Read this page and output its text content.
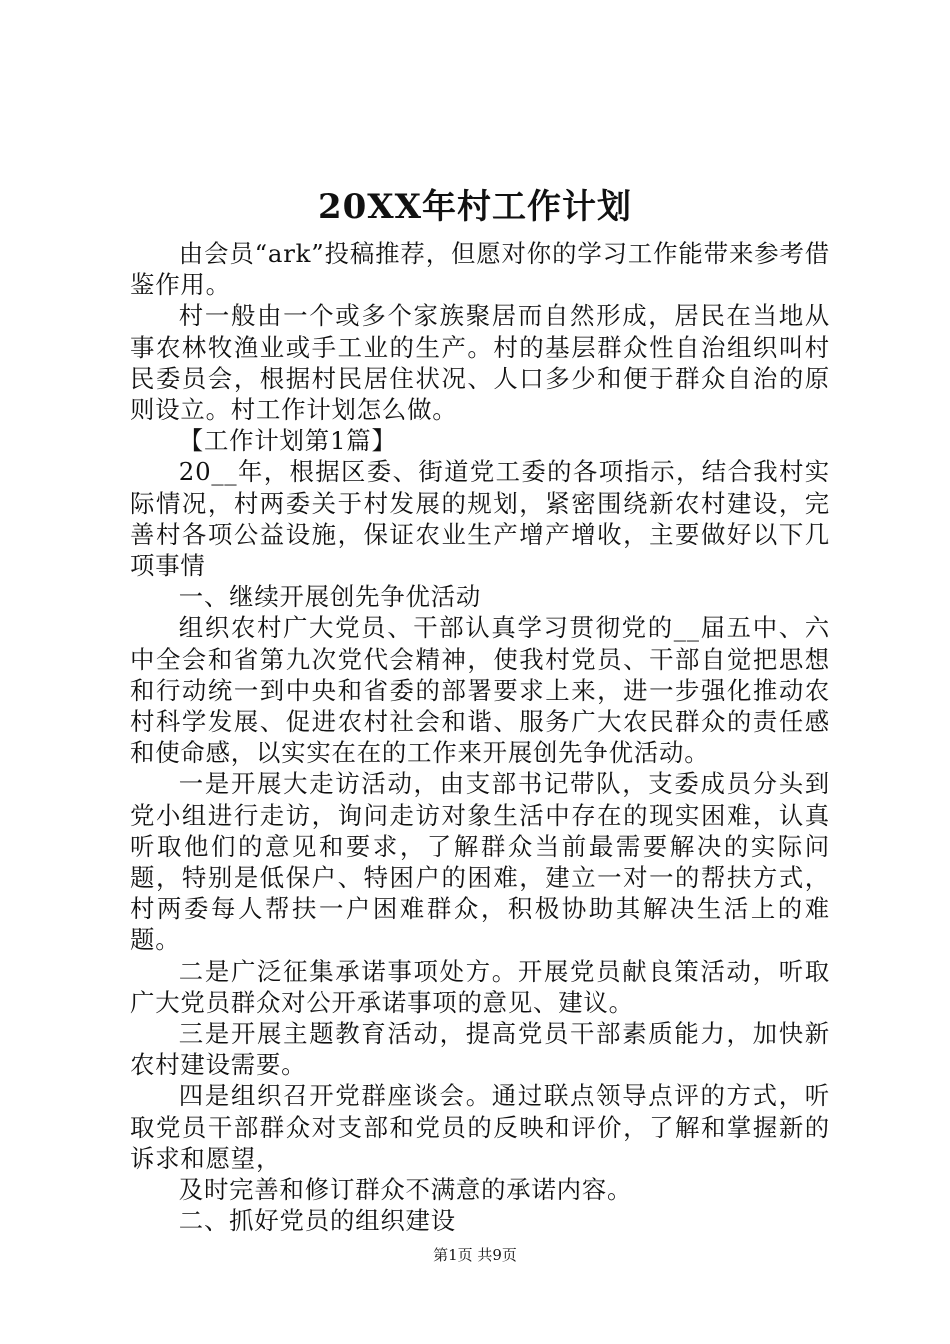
20XX年村工作计划

由会员“ark”投稿推荐，但愿对你的学习工作能带来参考借鉴作用。

村一般由一个或多个家族聚居而自然形成，居民在当地从事农林牧渔业或手工业的生产。村的基层群众性自治组织叫村民委员会，根据村民居住状况、人口多少和便于群众自治的原则设立。村工作计划怎么做。

【工作计划第1篇】

20__年，根据区委、街道党工委的各项指示，结合我村实际情况，村两委关于村发展的规划，紧密围绕新农村建设，完善村各项公益设施，保证农业生产增产增收，主要做好以下几项事情

一、继续开展创先争优活动

组织农村广大党员、干部认真学习贯彻党的__届五中、六中全会和省第九次党代会精神，使我村党员、干部自觉把思想和行动统一到中央和省委的部署要求上来，进一步强化推动农村科学发展、促进农村社会和谐、服务广大农民群众的责任感和使命感，以实实在在的工作来开展创先争优活动。

一是开展大走访活动，由支部书记带队，支委成员分头到党小组进行走访，询问走访对象生活中存在的现实困难，认真听取他们的意见和要求，了解群众当前最需要解决的实际问题，特别是低保户、特困户的困难，建立一对一的帮扶方式，村两委每人帮扶一户困难群众，积极协助其解决生活上的难题。

二是广泛征集承诺事项处方。开展党员献良策活动，听取广大党员群众对公开承诺事项的意见、建议。

三是开展主题教育活动，提高党员干部素质能力，加快新农村建设需要。

四是组织召开党群座谈会。通过联点领导点评的方式，听取党员干部群众对支部和党员的反映和评价，了解和掌握新的诉求和愿望，

及时完善和修订群众不满意的承诺内容。

二、抓好党员的组织建设

第1页 共9页
